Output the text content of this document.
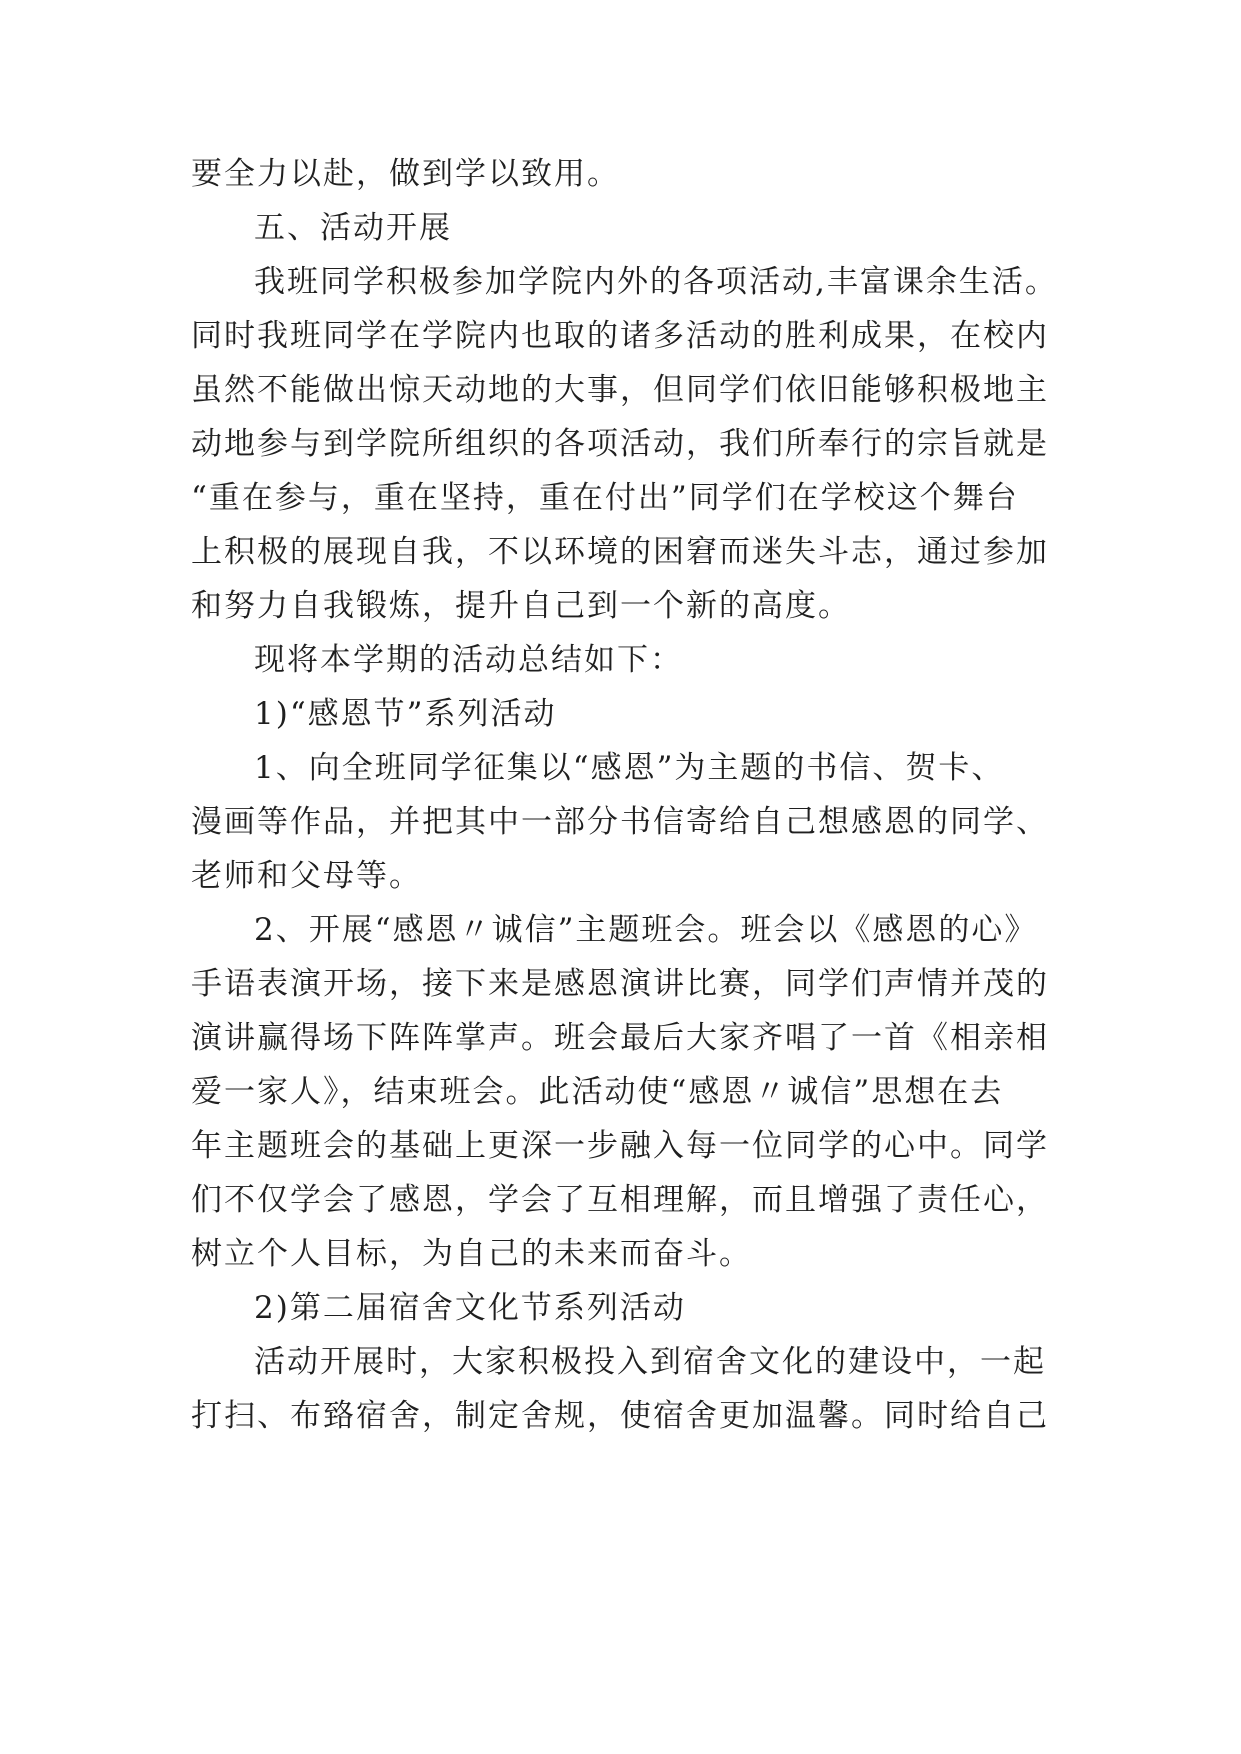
要全力以赴，做到学以致用。
五、活动开展
我班同学积极参加学院内外的各项活动,丰富课余生活。
同时我班同学在学院内也取的诸多活动的胜利成果，在校内
虽然不能做出惊天动地的大事，但同学们依旧能够积极地主
动地参与到学院所组织的各项活动，我们所奉行的宗旨就是
“重在参与，重在坚持，重在付出”同学们在学校这个舞台
上积极的展现自我，不以环境的困窘而迷失斗志，通过参加
和努力自我锻炼，提升自己到一个新的高度。
现将本学期的活动总结如下：
1)“感恩节”系列活动
1、向全班同学征集以“感恩”为主题的书信、贺卡、
漫画等作品，并把其中一部分书信寄给自己想感恩的同学、
老师和父母等。
2、开展“感恩〃诚信”主题班会。班会以《感恩的心》
手语表演开场，接下来是感恩演讲比赛，同学们声情并茂的
演讲赢得场下阵阵掌声。班会最后大家齐唱了一首《相亲相
爱一家人》，结束班会。此活动使“感恩〃诚信”思想在去
年主题班会的基础上更深一步融入每一位同学的心中。同学
们不仅学会了感恩，学会了互相理解，而且增强了责任心，
树立个人目标，为自己的未来而奋斗。
2)第二届宿舍文化节系列活动
活动开展时，大家积极投入到宿舍文化的建设中，一起
打扫、布臵宿舍，制定舍规，使宿舍更加温馨。同时给自己
